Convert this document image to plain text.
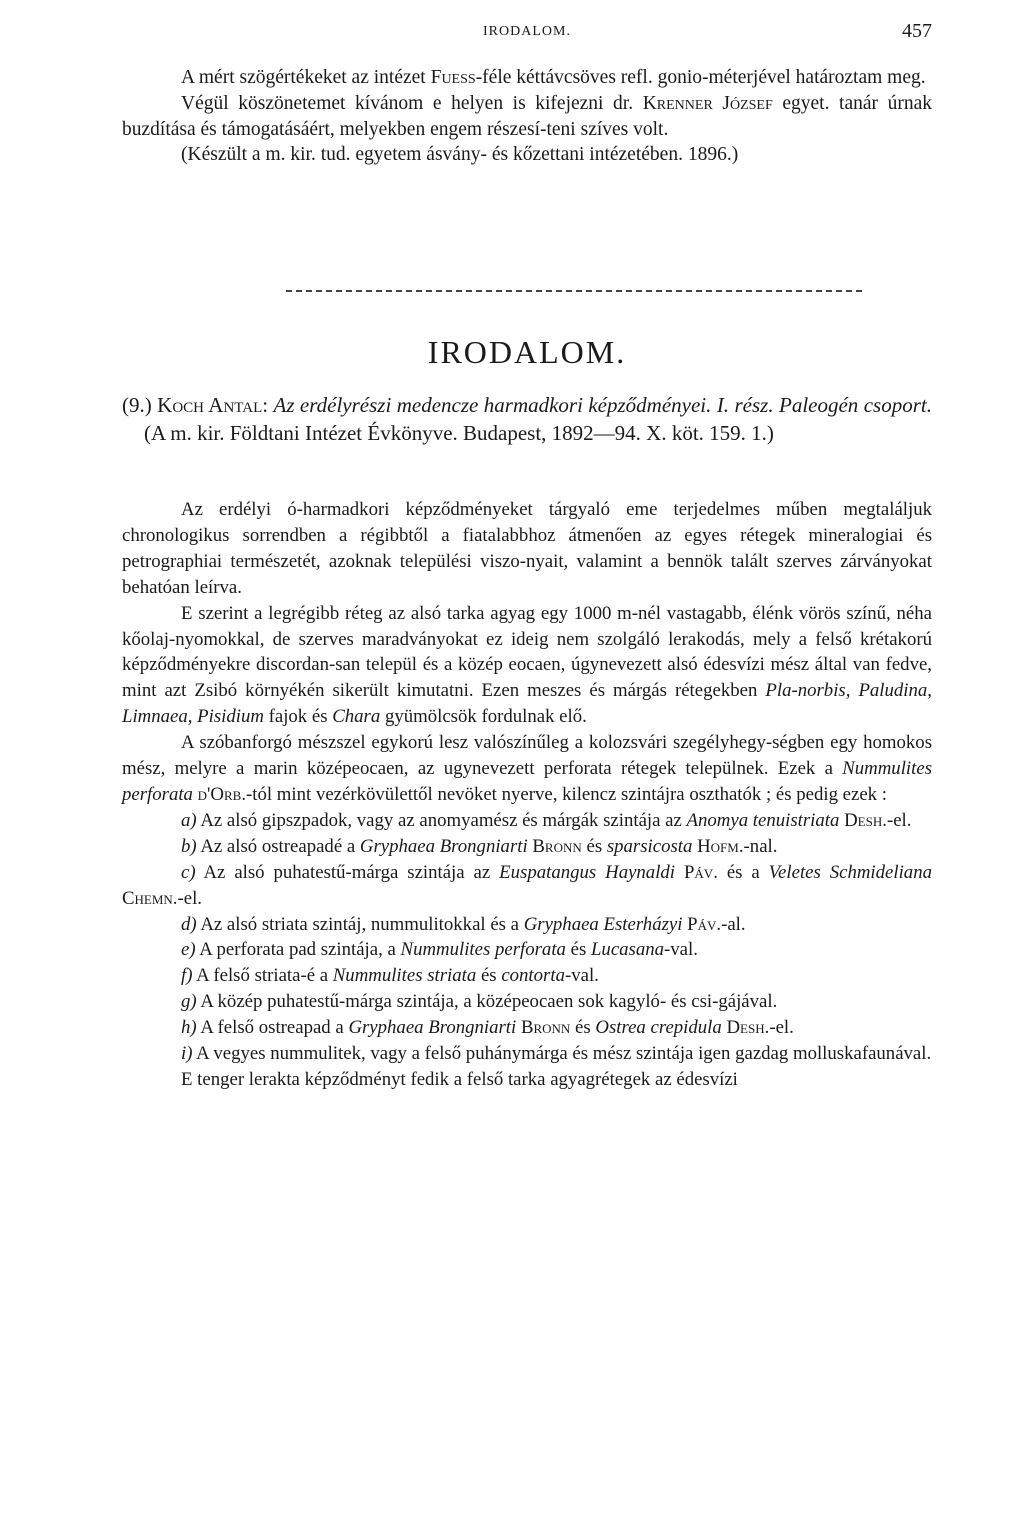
IRODALOM.	457

A mért szögértékeket az intézet Fuess-féle kéttávcsöves refl. gonio-méterjével határoztam meg.

Végül köszönetemet kívánom e helyen is kifejezni dr. Krenner József egyet. tanár úrnak buzdítása és támogatásáért, melyekben engem részesí-teni szíves volt.

(Készült a m. kir. tud. egyetem ásvány- és kőzettani intézetében. 1896.)

IRODALOM.

(9.) Koch Antal: Az erdélyrészi medencze harmadkori képződményei. I. rész. Paleogén csoport. (A m. kir. Földtani Intézet Évkönyve. Budapest, 1892—94. X. köt. 159. 1.)

Az erdélyi ó-harmadkori képződményeket tárgyaló eme terjedelmes műben megtaláljuk chronologikus sorrendben a régibbtől a fiatalabbhoz átmenően az egyes rétegek mineralogiai és petrographiai természetét, azoknak települési viszo-nyait, valamint a bennök talált szerves zárványokat behatóan leírva.

E szerint a legrégibb réteg az alsó tarka agyag egy 1000 m-nél vastagabb, élénk vörös színű, néha kőolaj-nyomokkal, de szerves maradványokat ez ideig nem szolgáló lerakodás, mely a felső krétakorú képződményekre discordan-san települ és a közép eocaen, úgynevezett alsó édesvízi mész által van fedve, mint azt Zsibó környékén sikerült kimutatni. Ezen meszes és márgás rétegekben Pla-norbis, Paludina, Limnaea, Pisidium fajok és Chara gyümölcsök fordulnak elő.

A szóbanforgó mészszel egykorú lesz valószínűleg a kolozsvári szegélyhegy-ségben egy homokos mész, melyre a marin középeocaen, az ugynevezett perforata rétegek települnek. Ezek a Nummulites perforata d'Orb.-tól mint vezérkövülettől nevöket nyerve, kilencz szintájra oszthatók ; és pedig ezek :

a) Az alsó gipszpadok, vagy az anomyamész és márgák szintája az Anomya tenuistriata Desh.-el.

b) Az alsó ostreapadé a Gryphaea Brongniarti Bronn és sparsicosta Hofm.-nal.

c) Az alsó puhatestű-márga szintája az Euspatangus Haynaldi Páv. és a Veletes Schmideliana Chemn.-el.

d) Az alsó striata szintáj, nummulitokkal és a Gryphaea Esterházyi Páv.-al.

e) A perforata pad szintája, a Nummulites perforata és Lucasana-val.

f) A felső striata-é a Nummulites striata és contorta-val.

g) A közép puhatestű-márga szintája, a középeocaen sok kagyló- és csi-gájával.

h) A felső ostreapad a Gryphaea Brongniarti Bronn és Ostrea crepidula Desh.-el.

i) A vegyes nummulitek, vagy a felső puhánymárga és mész szintája igen gazdag molluskafaunával.

E tenger lerakta képződményt fedik a felső tarka agyagrétegek az édesvízi
